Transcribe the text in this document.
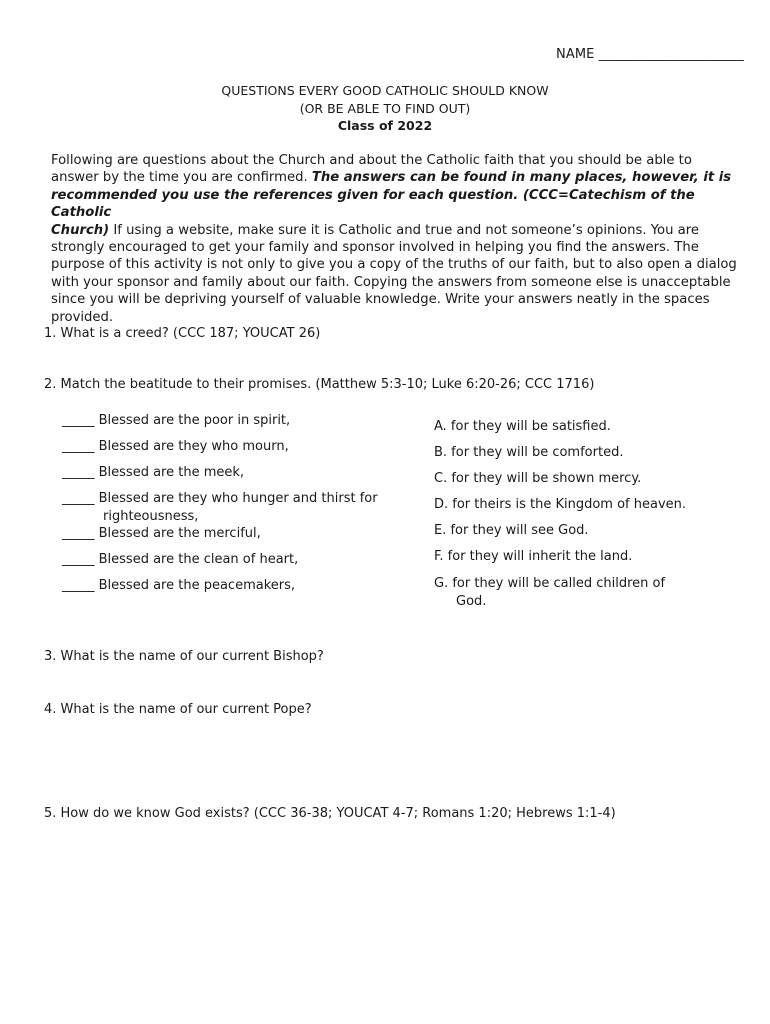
NAME ______________________
QUESTIONS EVERY GOOD CATHOLIC SHOULD KNOW
(OR BE ABLE TO FIND OUT)
Class of 2022
Following are questions about the Church and about the Catholic faith that you should be able to
answer by the time you are confirmed. The answers can be found in many places, however, it is
recommended you use the references given for each question. (CCC=Catechism of the Catholic
Church) If using a website, make sure it is Catholic and true and not someone’s opinions. You are
strongly encouraged to get your family and sponsor involved in helping you find the answers. The
purpose of this activity is not only to give you a copy of the truths of our faith, but to also open a dialog
with your sponsor and family about our faith. Copying the answers from someone else is unacceptable
since you will be depriving yourself of valuable knowledge. Write your answers neatly in the spaces
provided.
1. What is a creed? (CCC 187; YOUCAT 26)
2. Match the beatitude to their promises. (Matthew 5:3-10; Luke 6:20-26; CCC 1716)
_____ Blessed are the poor in spirit,
_____ Blessed are they who mourn,
_____ Blessed are the meek,
_____ Blessed are they who hunger and thirst for
righteousness,
_____ Blessed are the merciful,
_____ Blessed are the clean of heart,
_____ Blessed are the peacemakers,
A. for they will be satisfied.
B. for they will be comforted.
C. for they will be shown mercy.
D. for theirs is the Kingdom of heaven.
E. for they will see God.
F. for they will inherit the land.
G. for they will be called children of
God.
3. What is the name of our current Bishop?
4. What is the name of our current Pope?
5. How do we know God exists? (CCC 36-38; YOUCAT 4-7; Romans 1:20; Hebrews 1:1-4)
